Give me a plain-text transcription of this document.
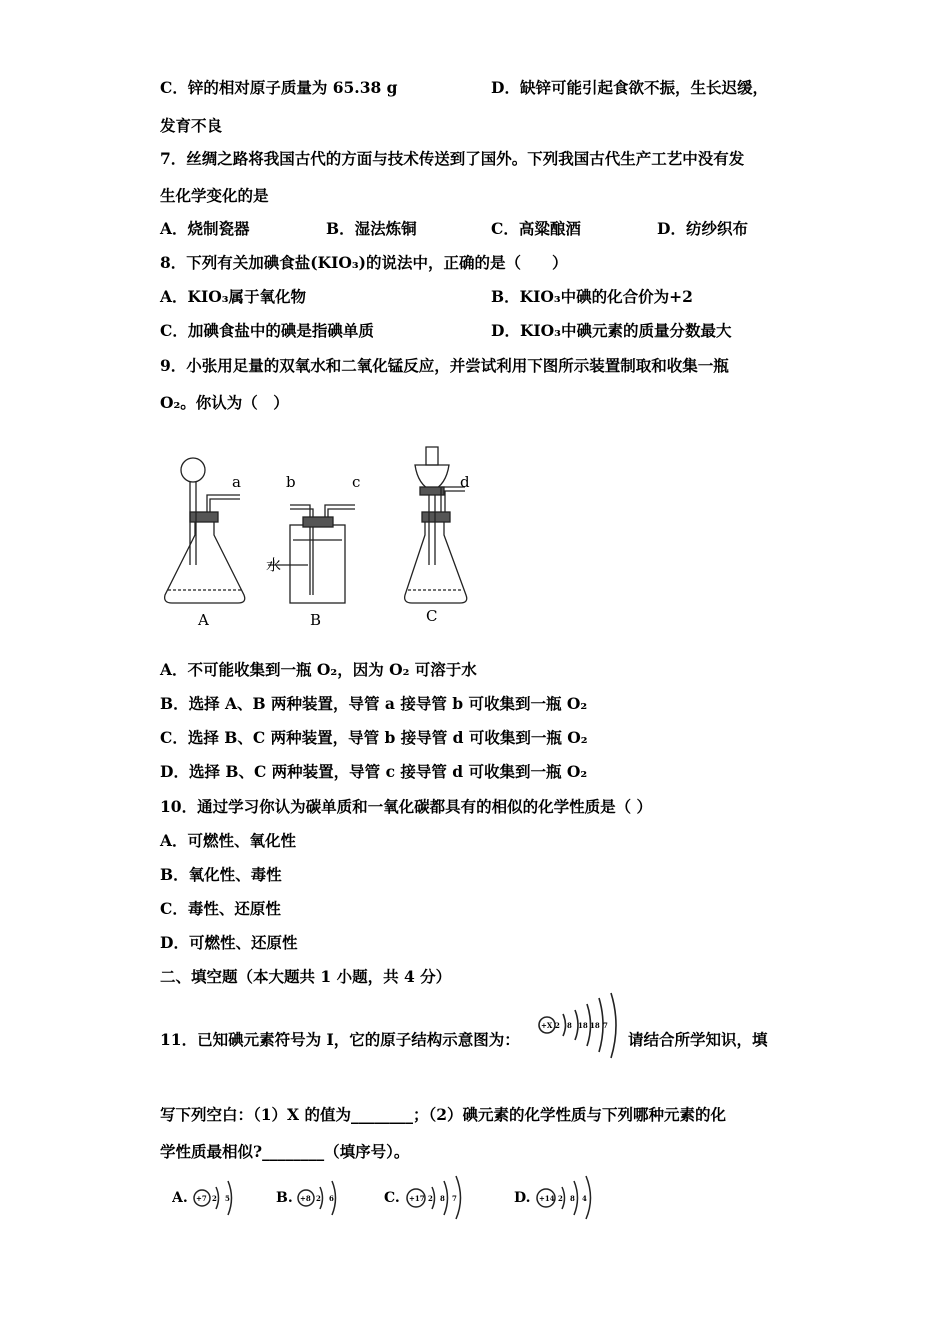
C．锌的相对原子质量为 65.38 g	D．缺锌可能引起食欲不振，生长迟缓，
发育不良
7．丝绸之路将我国古代的方面与技术传送到了国外。下列我国古代生产工艺中没有发
生化学变化的是
A．烧制瓷器	B．湿法炼铜	C．高粱酿酒	D．纺纱织布
8．下列有关加碘食盐(KIO₃)的说法中，正确的是（　　）
A．KIO₃属于氧化物	B．KIO₃中碘的化合价为+2
C．加碘食盐中的碘是指碘单质	D．KIO₃中碘元素的质量分数最大
9．小张用足量的双氧水和二氧化锰反应，并尝试利用下图所示装置制取和收集一瓶
O₂。你认为（　）
a	b	c	d
水
A	B	C
A．不可能收集到一瓶 O₂，因为 O₂ 可溶于水
B．选择 A、B 两种装置，导管 a 接导管 b 可收集到一瓶 O₂
C．选择 B、C 两种装置，导管 b 接导管 d 可收集到一瓶 O₂
D．选择 B、C 两种装置，导管 c 接导管 d 可收集到一瓶 O₂
10．通过学习你认为碳单质和一氧化碳都具有的相似的化学性质是（ ）
A．可燃性、氧化性
B．氧化性、毒性
C．毒性、还原性
D．可燃性、还原性
二、填空题（本大题共 1 小题，共 4 分）
11．已知碘元素符号为 I，它的原子结构示意图为：
+X 2 8 18 18 7
请结合所学知识，填
写下列空白：（1）X 的值为________；（2）碘元素的化学性质与下列哪种元素的化
学性质最相似?________（填序号）。
A. +7 2 5	B. +8 2 6	C. +17 2 8 7	D. +14 2 8 4
